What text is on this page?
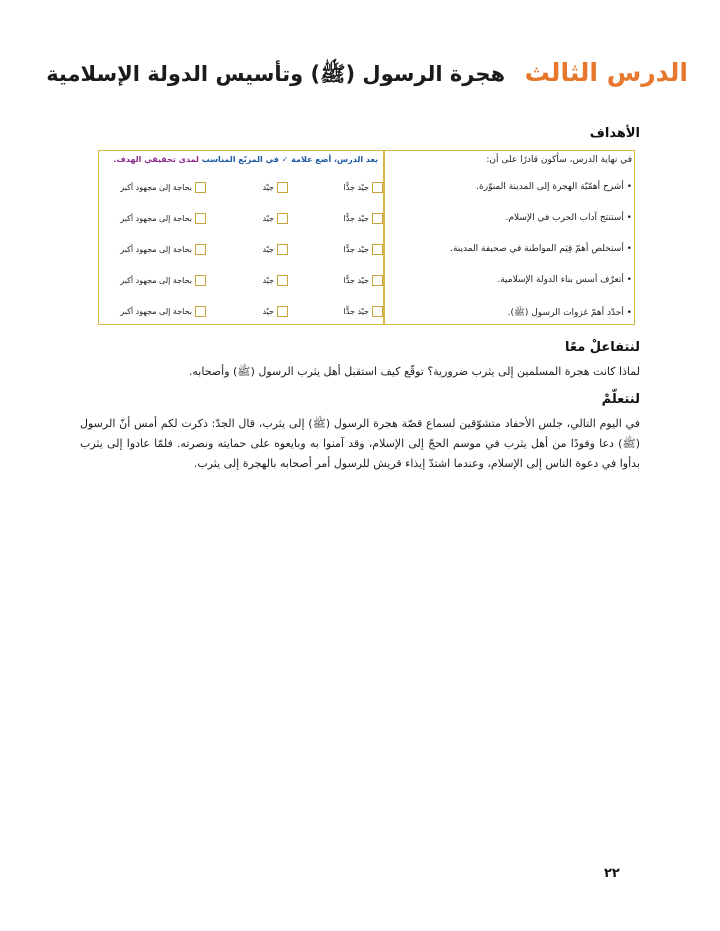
الدرس الثالث هجرة الرسول (ﷺ) وتأسيس الدولة الإسلامية
الأهداف
في نهاية الدرس، سأكون قادرًا على أن:
بعد الدرس، أضع علامة ✓ في المربّع المناسب لمدى تحقيقي الهدف.
• أشرح أهمّيّة الهجرة إلى المدينة المنوّرة.
• أستنتج آداب الحرب في الإسلام.
• أستخلص أهمّ قِيَم المواطنة في صحيفة المدينة.
• أتعرّف أسس بناء الدولة الإسلامية.
• أحدّد أهمّ غزوات الرسول (ﷺ).
جيّد جدًّا
جيّد
بحاجة إلى مجهود أكبر
جيّد جدًّا
جيّد
بحاجة إلى مجهود أكبر
جيّد جدًّا
جيّد
بحاجة إلى مجهود أكبر
جيّد جدًّا
جيّد
بحاجة إلى مجهود أكبر
جيّد جدًّا
جيّد
بحاجة إلى مجهود أكبر
لنتفاعلْ معًا
لماذا كانت هجرة المسلمين إلى يثرب ضرورية؟ توقّع كيف استقبل أهل يثرب الرسول (ﷺ) وأصحابه.
لنتعلّمْ
في اليوم التالي، جلس الأحفاد متشوّقين لسماع قصّة هجرة الرسول (ﷺ) إلى يثرب، قال الجدّ: ذكرت لكم أمس أنّ الرسول (ﷺ) دعا وفودًا من أهل يثرب في موسم الحجّ إلى الإسلام، وقد آمنوا به وبايعوه على حمايته ونصرته. فلمّا عادوا إلى يثرب بدأوا في دعوة الناس إلى الإسلام، وعندما اشتدّ إيذاء قريش للرسول أمر أصحابه بالهجرة إلى يثرب.
٢٢
